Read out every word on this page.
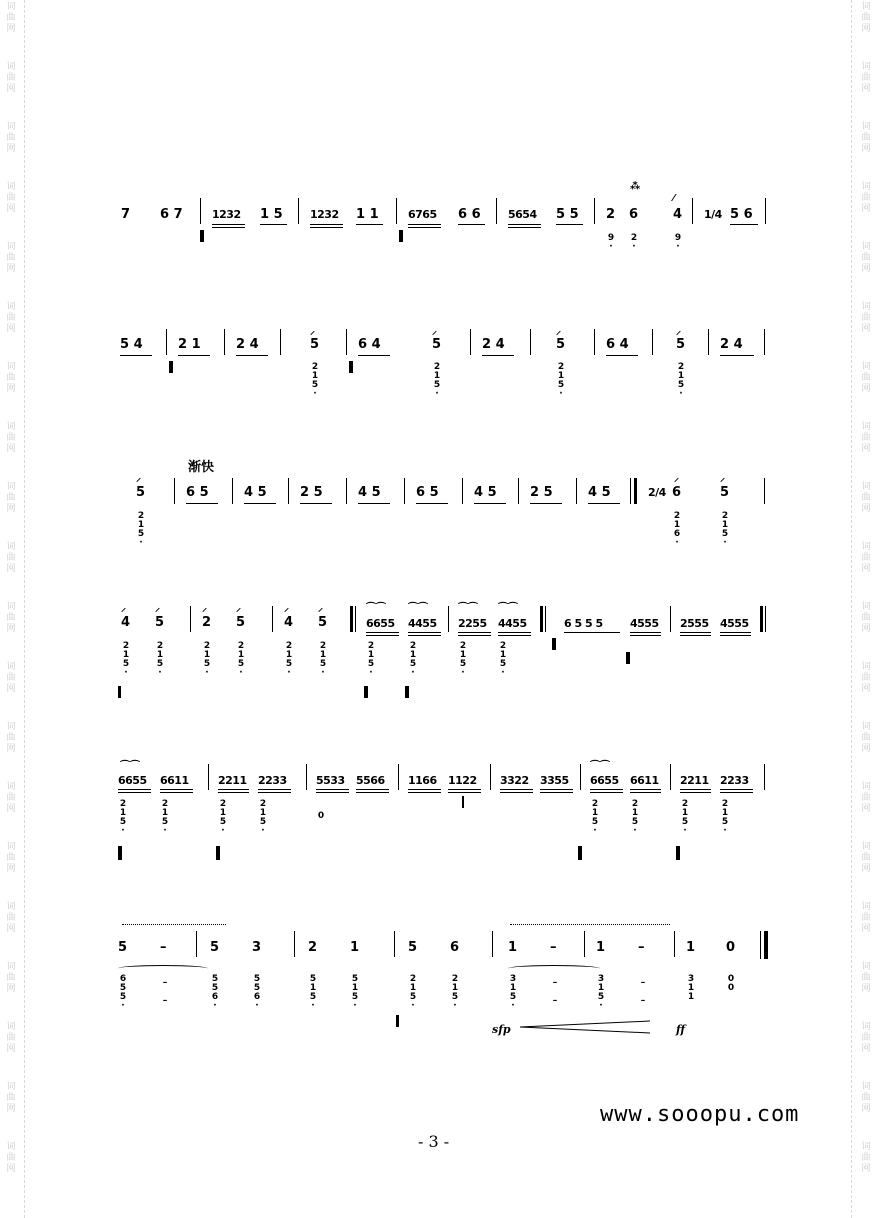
词
曲
网
词
曲
网
词
曲
网
词
曲
网
词
曲
网
词
曲
网
词
曲
网
词
曲
网
词
曲
网
词
曲
网
词
曲
网
词
曲
网
词
曲
网
词
曲
网
词
曲
网
词
曲
网
词
曲
网
词
曲
网
词
曲
网
词
曲
网
词
曲
网
词
曲
网
词
曲
网
词
曲
网
词
曲
网
词
曲
网
词
曲
网
词
曲
网
词
曲
网
词
曲
网
词
曲
网
词
曲
网
词
曲
网
词
曲
网
词
曲
网
词
曲
网
词
曲
网
词
曲
网
词
曲
网
词
曲
网
7 6 7	1232 1 5 1232 1 1	6765 6 6 5654 5 5 2
⁂
6
9
·
2
·
⁄
4
9
·
1/4 5 6
5 4	2 1	2 4
⸝
5
2
1
5
·
6 4
⸝
5
2
1
5
·
2 4
⸝
5
2
1
5
·
6 4
⸝
5
2
1
5
·
2 4
渐快
⸝
5
2
1
5
·
6 5	4 5	2 5	4 5	6 5	4 5	2 5	4 5	2/4
⸝
6
2
1
6
·
⸝
5
2
1
5
·
⸝
4
2
1
5
·
⸝
5
2
1
5
·
⸝
2
2
1
5
·
⸝
5
2
1
5
·
⸝
4
2
1
5
·
⸝
5
2
1
5
·
⌒⌒
6655
2
1
5
·
⌒⌒
4455
2
1
5
·
⌒⌒
2255
2
1
5
·
⌒⌒
4455
2
1
5
·
6 5 5 5 4555 2555 4555
⌒⌒
6655
2
1
5
·
6611
2
1
5
·
2211
2
1
5
·
2233
2
1
5
·
5533
0
5566 1166 1122 3322 3355
⌒⌒
6655
2
1
5
·
6611
2
1
5
·
2211
2
1
5
·
2233
2
1
5
·
5	–
6
5
5
·
–

–
5
5
5
6
·
3
5
5
6
·
2
5
1
5
·
1
5
1
5
·
5
2
1
5
·
6
2
1
5
·
1	–
3
1
5
·
–

–
1	–
3
1
5
·
–

–
1
3
1
1
0
0
0
sfp	ff
www.sooopu.com
- 3 -
